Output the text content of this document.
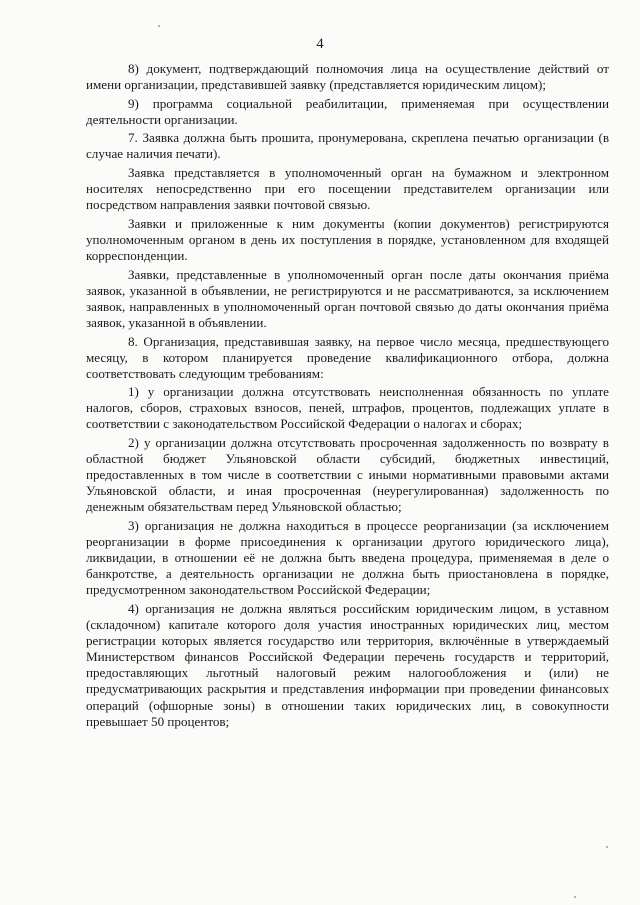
4

8) документ, подтверждающий полномочия лица на осуществление действий от имени организации, представившей заявку (представляется юридическим лицом);

9) программа социальной реабилитации, применяемая при осуществлении деятельности организации.

7. Заявка должна быть прошита, пронумерована, скреплена печатью организации (в случае наличия печати).

Заявка представляется в уполномоченный орган на бумажном и электронном носителях непосредственно при его посещении представителем организации или посредством направления заявки почтовой связью.

Заявки и приложенные к ним документы (копии документов) регистрируются уполномоченным органом в день их поступления в порядке, установленном для входящей корреспонденции.

Заявки, представленные в уполномоченный орган после даты окончания приёма заявок, указанной в объявлении, не регистрируются и не рассматриваются, за исключением заявок, направленных в уполномоченный орган почтовой связью до даты окончания приёма заявок, указанной в объявлении.

8. Организация, представившая заявку, на первое число месяца, предшествующего месяцу, в котором планируется проведение квалификационного отбора, должна соответствовать следующим требованиям:

1) у организации должна отсутствовать неисполненная обязанность по уплате налогов, сборов, страховых взносов, пеней, штрафов, процентов, подлежащих уплате в соответствии с законодательством Российской Федерации о налогах и сборах;

2) у организации должна отсутствовать просроченная задолженность по возврату в областной бюджет Ульяновской области субсидий, бюджетных инвестиций, предоставленных в том числе в соответствии с иными нормативными правовыми актами Ульяновской области, и иная просроченная (неурегулированная) задолженность по денежным обязательствам перед Ульяновской областью;

3) организация не должна находиться в процессе реорганизации (за исключением реорганизации в форме присоединения к организации другого юридического лица), ликвидации, в отношении её не должна быть введена процедура, применяемая в деле о банкротстве, а деятельность организации не должна быть приостановлена в порядке, предусмотренном законодательством Российской Федерации;

4) организация не должна являться российским юридическим лицом, в уставном (складочном) капитале которого доля участия иностранных юридических лиц, местом регистрации которых является государство или территория, включённые в утверждаемый Министерством финансов Российской Федерации перечень государств и территорий, предоставляющих льготный налоговый режим налогообложения и (или) не предусматривающих раскрытия и представления информации при проведении финансовых операций (офшорные зоны) в отношении таких юридических лиц, в совокупности превышает 50 процентов;
